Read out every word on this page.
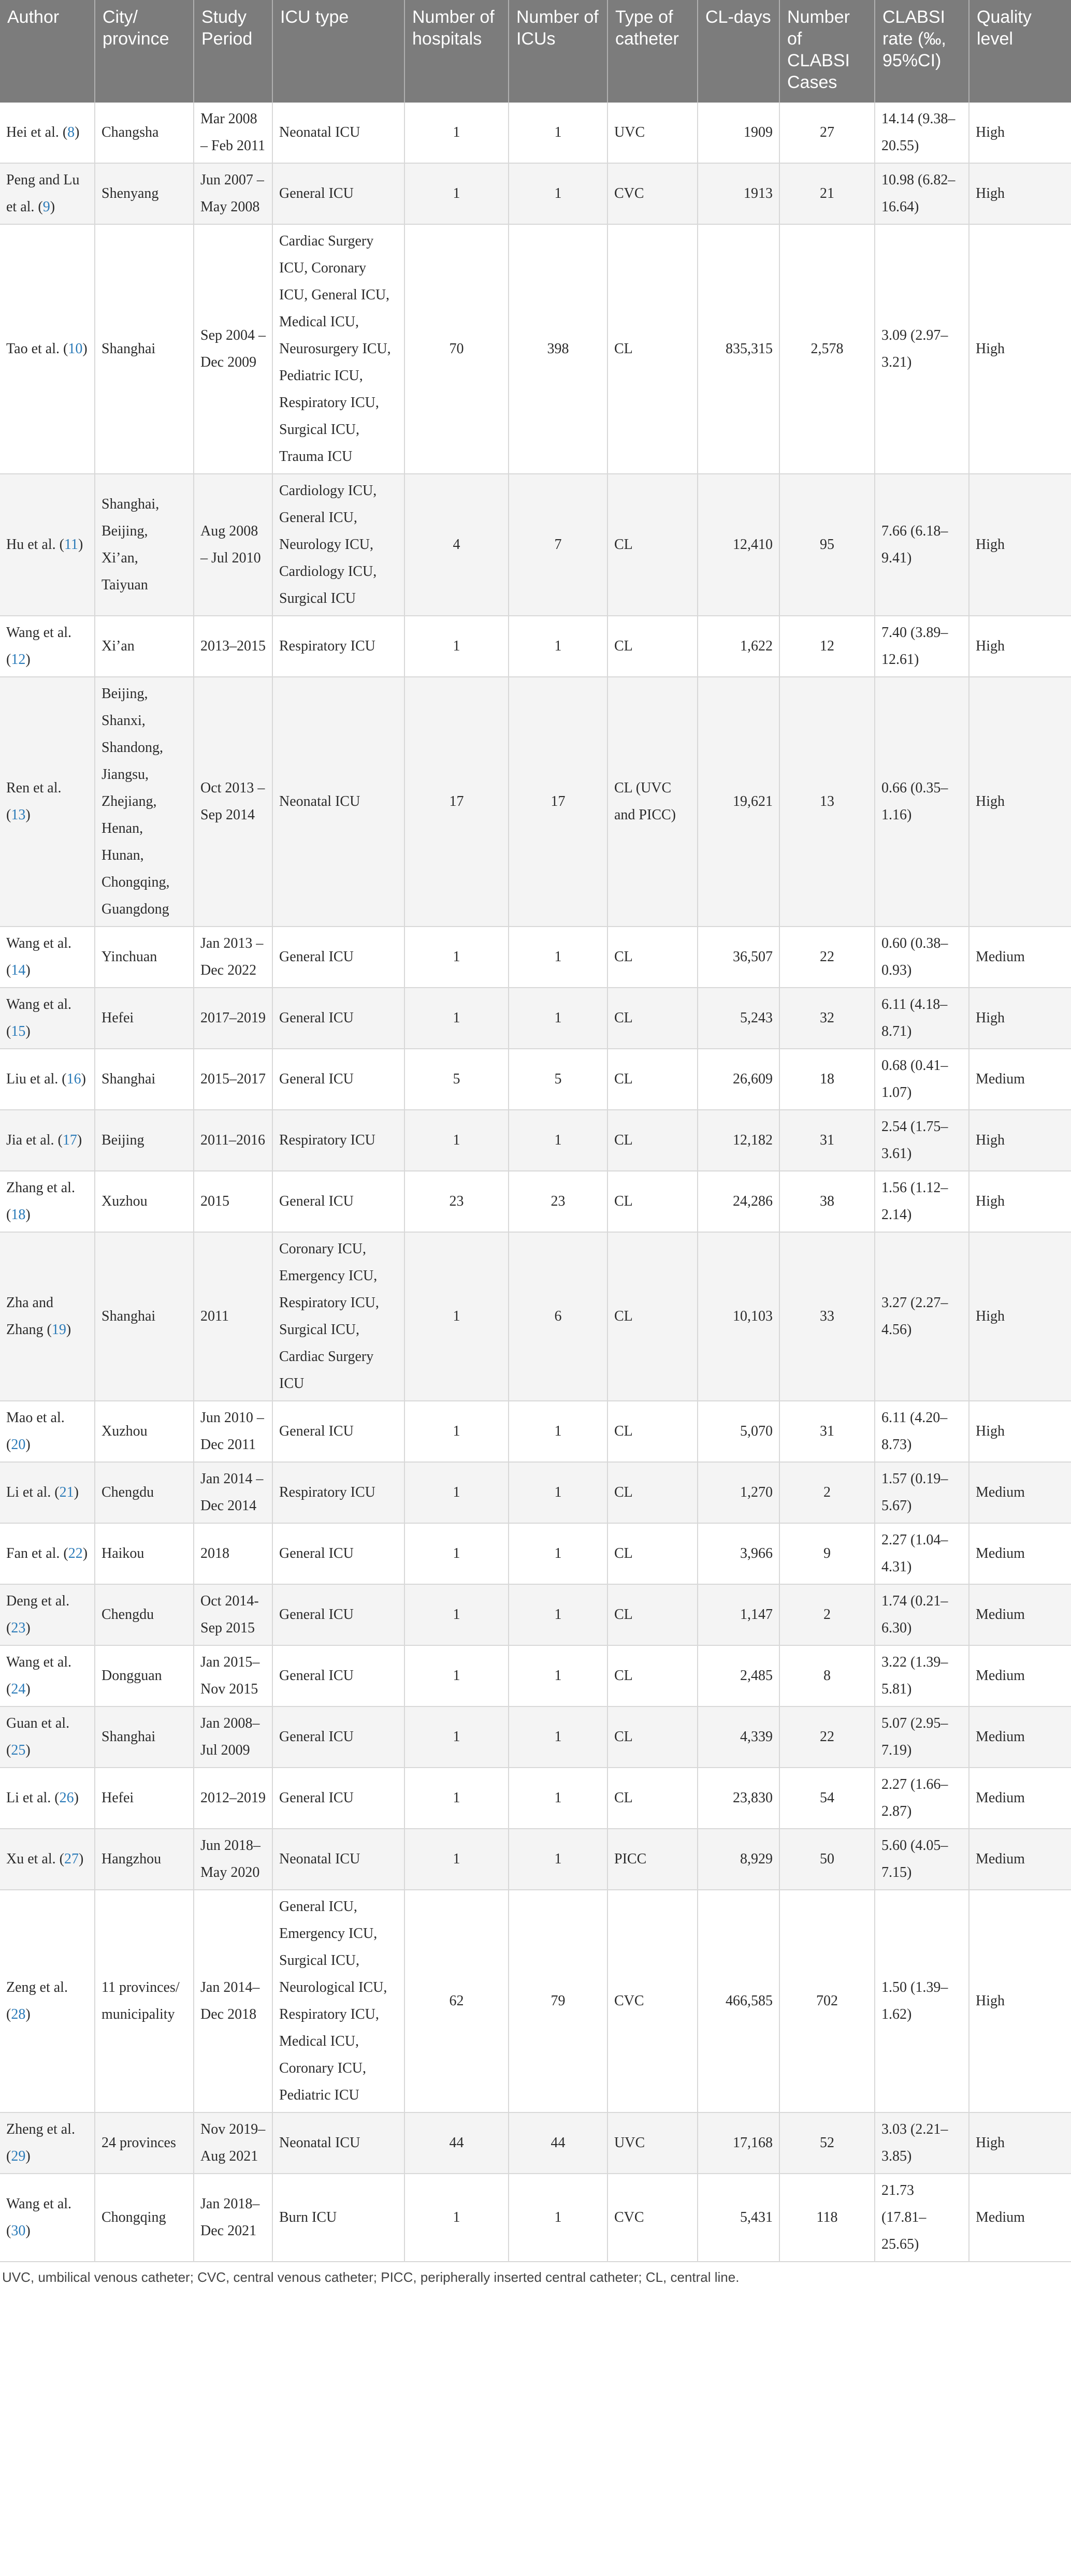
Author	City/ province	Study Period	ICU type	Number of hospitals	Number of ICUs	Type of catheter	CL-days	Number of CLABSI Cases	CLABSI rate (‰, 95%CI)	Quality level
Hei et al. (8)	Changsha	Mar 2008 – Feb 2011	Neonatal ICU	1	1	UVC	1909	27	14.14 (9.38–20.55)	High
Peng and Lu et al. (9)	Shenyang	Jun 2007 – May 2008	General ICU	1	1	CVC	1913	21	10.98 (6.82–16.64)	High
Tao et al. (10)	Shanghai	Sep 2004 – Dec 2009	Cardiac Surgery ICU, Coronary ICU, General ICU, Medical ICU, Neurosurgery ICU, Pediatric ICU, Respiratory ICU, Surgical ICU, Trauma ICU	70	398	CL	835,315	2,578	3.09 (2.97–3.21)	High
Hu et al. (11)	Shanghai, Beijing, Xi’an, Taiyuan	Aug 2008 – Jul 2010	Cardiology ICU, General ICU, Neurology ICU, Cardiology ICU, Surgical ICU	4	7	CL	12,410	95	7.66 (6.18–9.41)	High
Wang et al. (12)	Xi’an	2013–2015	Respiratory ICU	1	1	CL	1,622	12	7.40 (3.89–12.61)	High
Ren et al. (13)	Beijing, Shanxi, Shandong, Jiangsu, Zhejiang, Henan, Hunan, Chongqing, Guangdong	Oct 2013 – Sep 2014	Neonatal ICU	17	17	CL (UVC and PICC)	19,621	13	0.66 (0.35–1.16)	High
Wang et al. (14)	Yinchuan	Jan 2013 – Dec 2022	General ICU	1	1	CL	36,507	22	0.60 (0.38–0.93)	Medium
Wang et al. (15)	Hefei	2017–2019	General ICU	1	1	CL	5,243	32	6.11 (4.18–8.71)	High
Liu et al. (16)	Shanghai	2015–2017	General ICU	5	5	CL	26,609	18	0.68 (0.41–1.07)	Medium
Jia et al. (17)	Beijing	2011–2016	Respiratory ICU	1	1	CL	12,182	31	2.54 (1.75–3.61)	High
Zhang et al. (18)	Xuzhou	2015	General ICU	23	23	CL	24,286	38	1.56 (1.12–2.14)	High
Zha and Zhang (19)	Shanghai	2011	Coronary ICU, Emergency ICU, Respiratory ICU, Surgical ICU, Cardiac Surgery ICU	1	6	CL	10,103	33	3.27 (2.27–4.56)	High
Mao et al. (20)	Xuzhou	Jun 2010 – Dec 2011	General ICU	1	1	CL	5,070	31	6.11 (4.20–8.73)	High
Li et al. (21)	Chengdu	Jan 2014 – Dec 2014	Respiratory ICU	1	1	CL	1,270	2	1.57 (0.19–5.67)	Medium
Fan et al. (22)	Haikou	2018	General ICU	1	1	CL	3,966	9	2.27 (1.04–4.31)	Medium
Deng et al. (23)	Chengdu	Oct 2014- Sep 2015	General ICU	1	1	CL	1,147	2	1.74 (0.21–6.30)	Medium
Wang et al. (24)	Dongguan	Jan 2015– Nov 2015	General ICU	1	1	CL	2,485	8	3.22 (1.39–5.81)	Medium
Guan et al. (25)	Shanghai	Jan 2008– Jul 2009	General ICU	1	1	CL	4,339	22	5.07 (2.95–7.19)	Medium
Li et al. (26)	Hefei	2012–2019	General ICU	1	1	CL	23,830	54	2.27 (1.66–2.87)	Medium
Xu et al. (27)	Hangzhou	Jun 2018– May 2020	Neonatal ICU	1	1	PICC	8,929	50	5.60 (4.05–7.15)	Medium
Zeng et al. (28)	11 provinces/ municipality	Jan 2014– Dec 2018	General ICU, Emergency ICU, Surgical ICU, Neurological ICU, Respiratory ICU, Medical ICU, Coronary ICU, Pediatric ICU	62	79	CVC	466,585	702	1.50 (1.39–1.62)	High
Zheng et al. (29)	24 provinces	Nov 2019– Aug 2021	Neonatal ICU	44	44	UVC	17,168	52	3.03 (2.21–3.85)	High
Wang et al. (30)	Chongqing	Jan 2018– Dec 2021	Burn ICU	1	1	CVC	5,431	118	21.73 (17.81–25.65)	Medium
UVC, umbilical venous catheter; CVC, central venous catheter; PICC, peripherally inserted central catheter; CL, central line.
